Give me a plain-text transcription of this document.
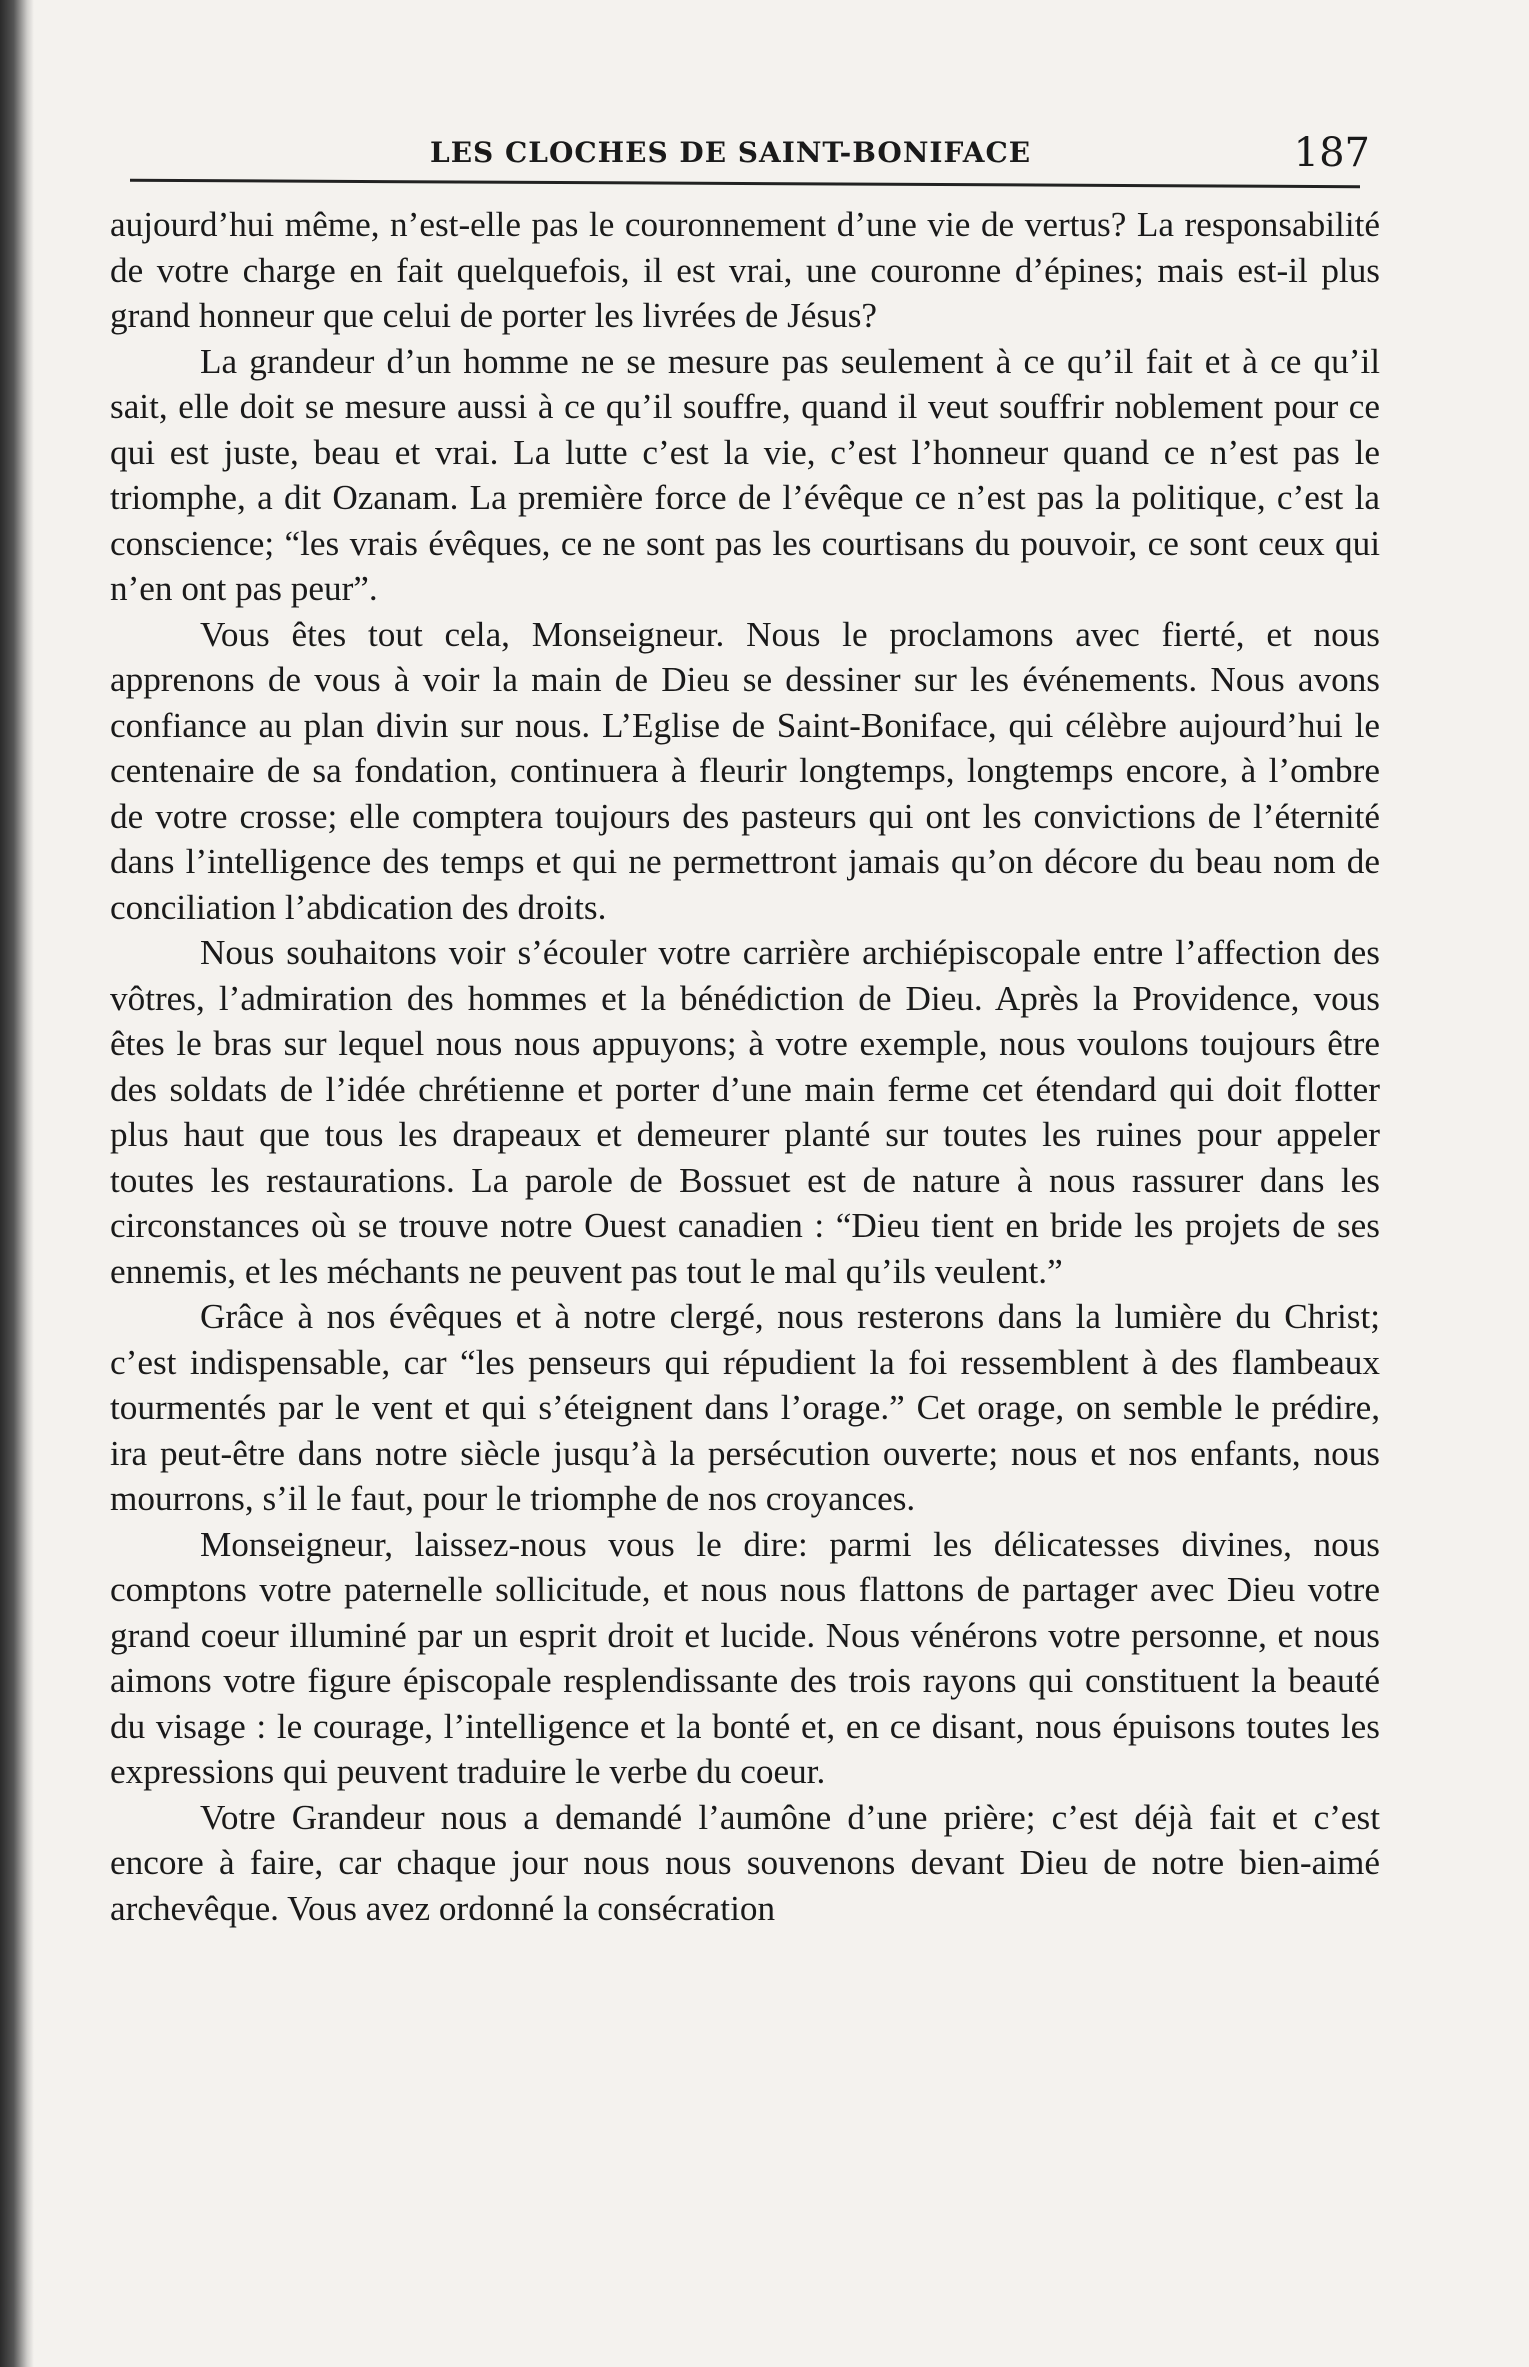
LES CLOCHES DE SAINT-BONIFACE	187

aujourd’hui même, n’est-elle pas le couronnement d’une vie de vertus? La responsabilité de votre charge en fait quelquefois, il est vrai, une couronne d’épines; mais est-il plus grand honneur que celui de porter les livrées de Jésus?

La grandeur d’un homme ne se mesure pas seulement à ce qu’il fait et à ce qu’il sait, elle doit se mesure aussi à ce qu’il souffre, quand il veut souffrir noblement pour ce qui est juste, beau et vrai. La lutte c’est la vie, c’est l’honneur quand ce n’est pas le triomphe, a dit Ozanam. La première force de l’évêque ce n’est pas la politique, c’est la conscience; “les vrais évêques, ce ne sont pas les courtisans du pouvoir, ce sont ceux qui n’en ont pas peur”.

Vous êtes tout cela, Monseigneur. Nous le proclamons avec fierté, et nous apprenons de vous à voir la main de Dieu se dessiner sur les événements. Nous avons confiance au plan divin sur nous. L’Eglise de Saint-Boniface, qui célèbre aujourd’hui le centenaire de sa fondation, continuera à fleurir longtemps, longtemps encore, à l’ombre de votre crosse; elle comptera toujours des pasteurs qui ont les convictions de l’éternité dans l’intelligence des temps et qui ne permettront jamais qu’on décore du beau nom de conciliation l’abdication des droits.

Nous souhaitons voir s’écouler votre carrière archiépiscopale entre l’affection des vôtres, l’admiration des hommes et la bénédiction de Dieu. Après la Providence, vous êtes le bras sur lequel nous nous appuyons; à votre exemple, nous voulons toujours être des soldats de l’idée chrétienne et porter d’une main ferme cet étendard qui doit flotter plus haut que tous les drapeaux et demeurer planté sur toutes les ruines pour appeler toutes les restaurations. La parole de Bossuet est de nature à nous rassurer dans les circonstances où se trouve notre Ouest canadien : “Dieu tient en bride les projets de ses ennemis, et les méchants ne peuvent pas tout le mal qu’ils veulent.”

Grâce à nos évêques et à notre clergé, nous resterons dans la lumière du Christ; c’est indispensable, car “les penseurs qui répudient la foi ressemblent à des flambeaux tourmentés par le vent et qui s’éteignent dans l’orage.” Cet orage, on semble le prédire, ira peut-être dans notre siècle jusqu’à la persécution ouverte; nous et nos enfants, nous mourrons, s’il le faut, pour le triomphe de nos croyances.

Monseigneur, laissez-nous vous le dire: parmi les délicatesses divines, nous comptons votre paternelle sollicitude, et nous nous flattons de partager avec Dieu votre grand coeur illuminé par un esprit droit et lucide. Nous vénérons votre personne, et nous aimons votre figure épiscopale resplendissante des trois rayons qui constituent la beauté du visage : le courage, l’intelligence et la bonté et, en ce disant, nous épuisons toutes les expressions qui peuvent traduire le verbe du coeur.

Votre Grandeur nous a demandé l’aumône d’une prière; c’est déjà fait et c’est encore à faire, car chaque jour nous nous souvenons devant Dieu de notre bien-aimé archevêque. Vous avez ordonné la consécration
